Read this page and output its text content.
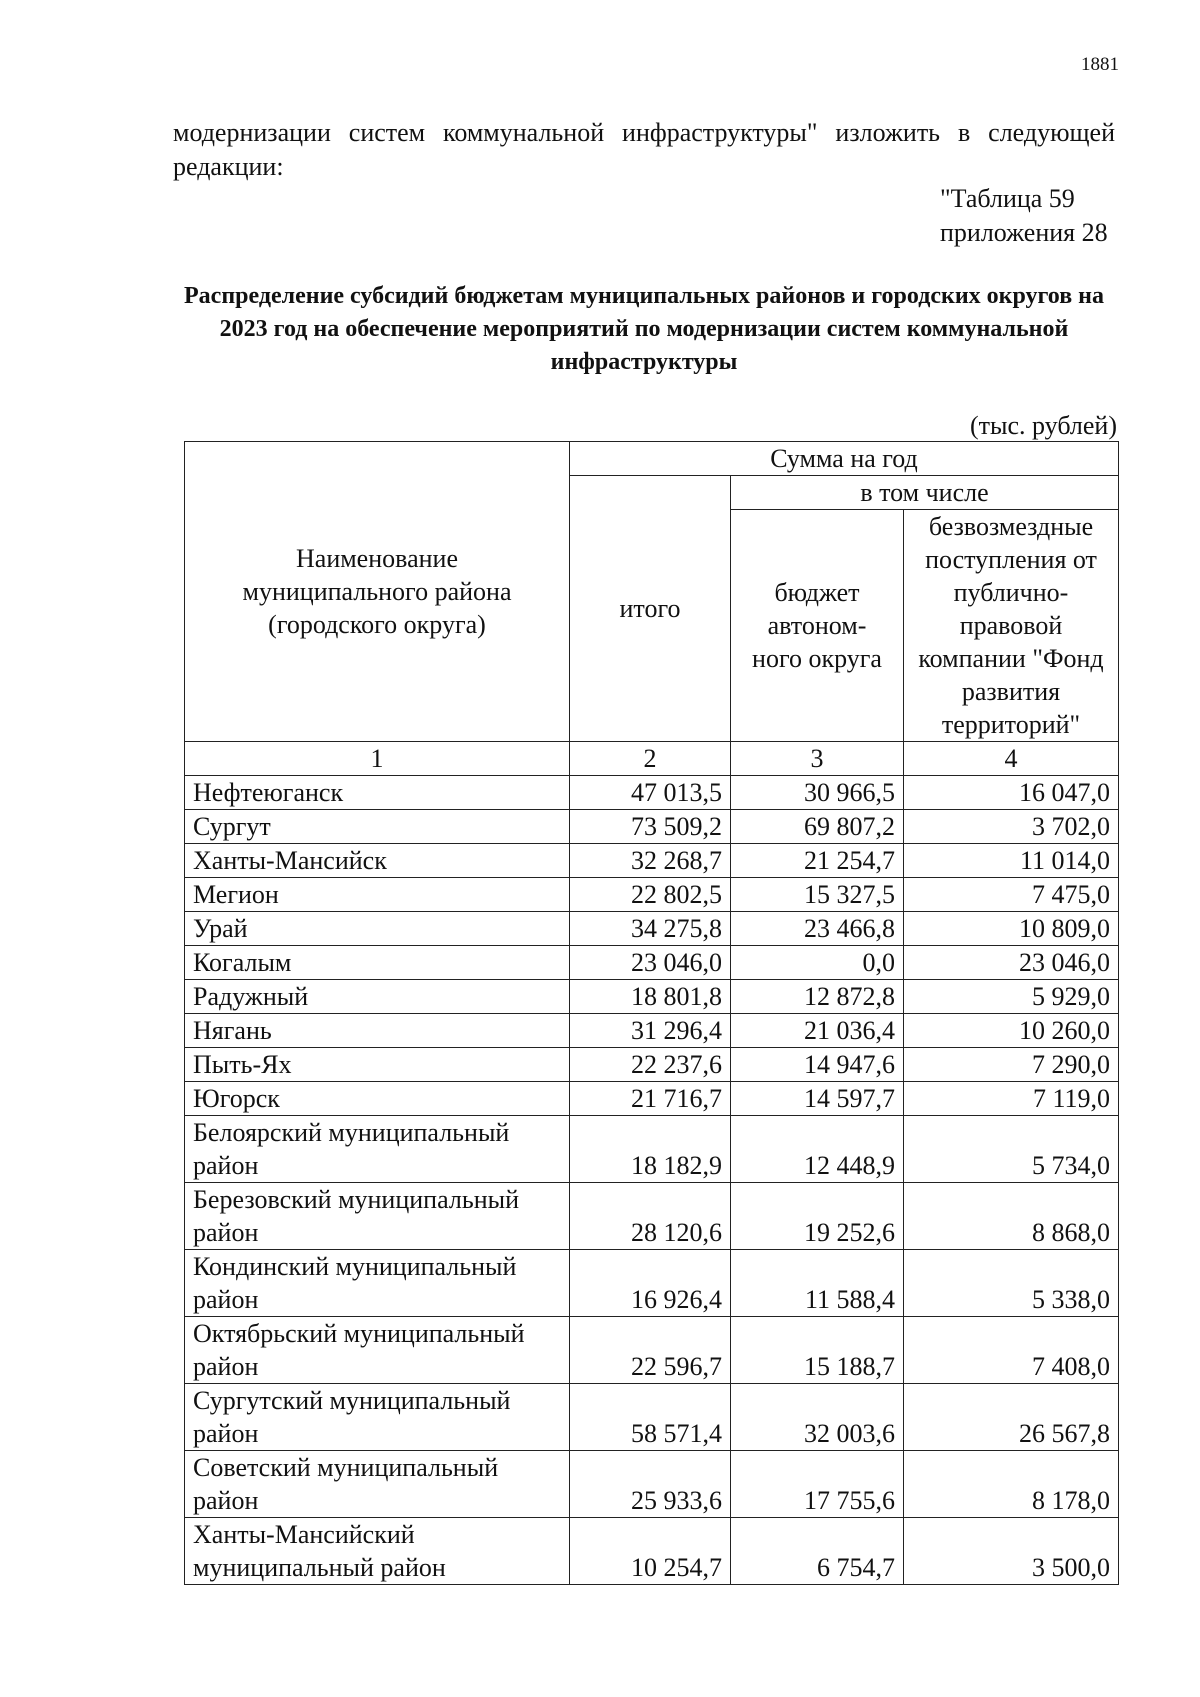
1881
модернизации систем коммунальной инфраструктуры" изложить в следующей редакции:
"Таблица 59
приложения 28
Распределение субсидий бюджетам муниципальных районов и городских округов на 2023 год на обеспечение мероприятий по модернизации систем коммунальной инфраструктуры
(тыс. рублей)
Наименование муниципального района (городского округа)	Сумма на год		
	итого	в том числе	
		бюджет автоном-ного округа	безвозмездные поступления от публично-правовой компании "Фонд развития территорий"
1	2	3	4
Нефтеюганск	47 013,5	30 966,5	16 047,0
Сургут	73 509,2	69 807,2	3 702,0
Ханты-Мансийск	32 268,7	21 254,7	11 014,0
Мегион	22 802,5	15 327,5	7 475,0
Урай	34 275,8	23 466,8	10 809,0
Когалым	23 046,0	0,0	23 046,0
Радужный	18 801,8	12 872,8	5 929,0
Нягань	31 296,4	21 036,4	10 260,0
Пыть-Ях	22 237,6	14 947,6	7 290,0
Югорск	21 716,7	14 597,7	7 119,0
Белоярский муниципальный район	18 182,9	12 448,9	5 734,0
Березовский муниципальный район	28 120,6	19 252,6	8 868,0
Кондинский муниципальный район	16 926,4	11 588,4	5 338,0
Октябрьский муниципальный район	22 596,7	15 188,7	7 408,0
Сургутский муниципальный район	58 571,4	32 003,6	26 567,8
Советский муниципальный район	25 933,6	17 755,6	8 178,0
Ханты-Мансийский муниципальный район	10 254,7	6 754,7	3 500,0
